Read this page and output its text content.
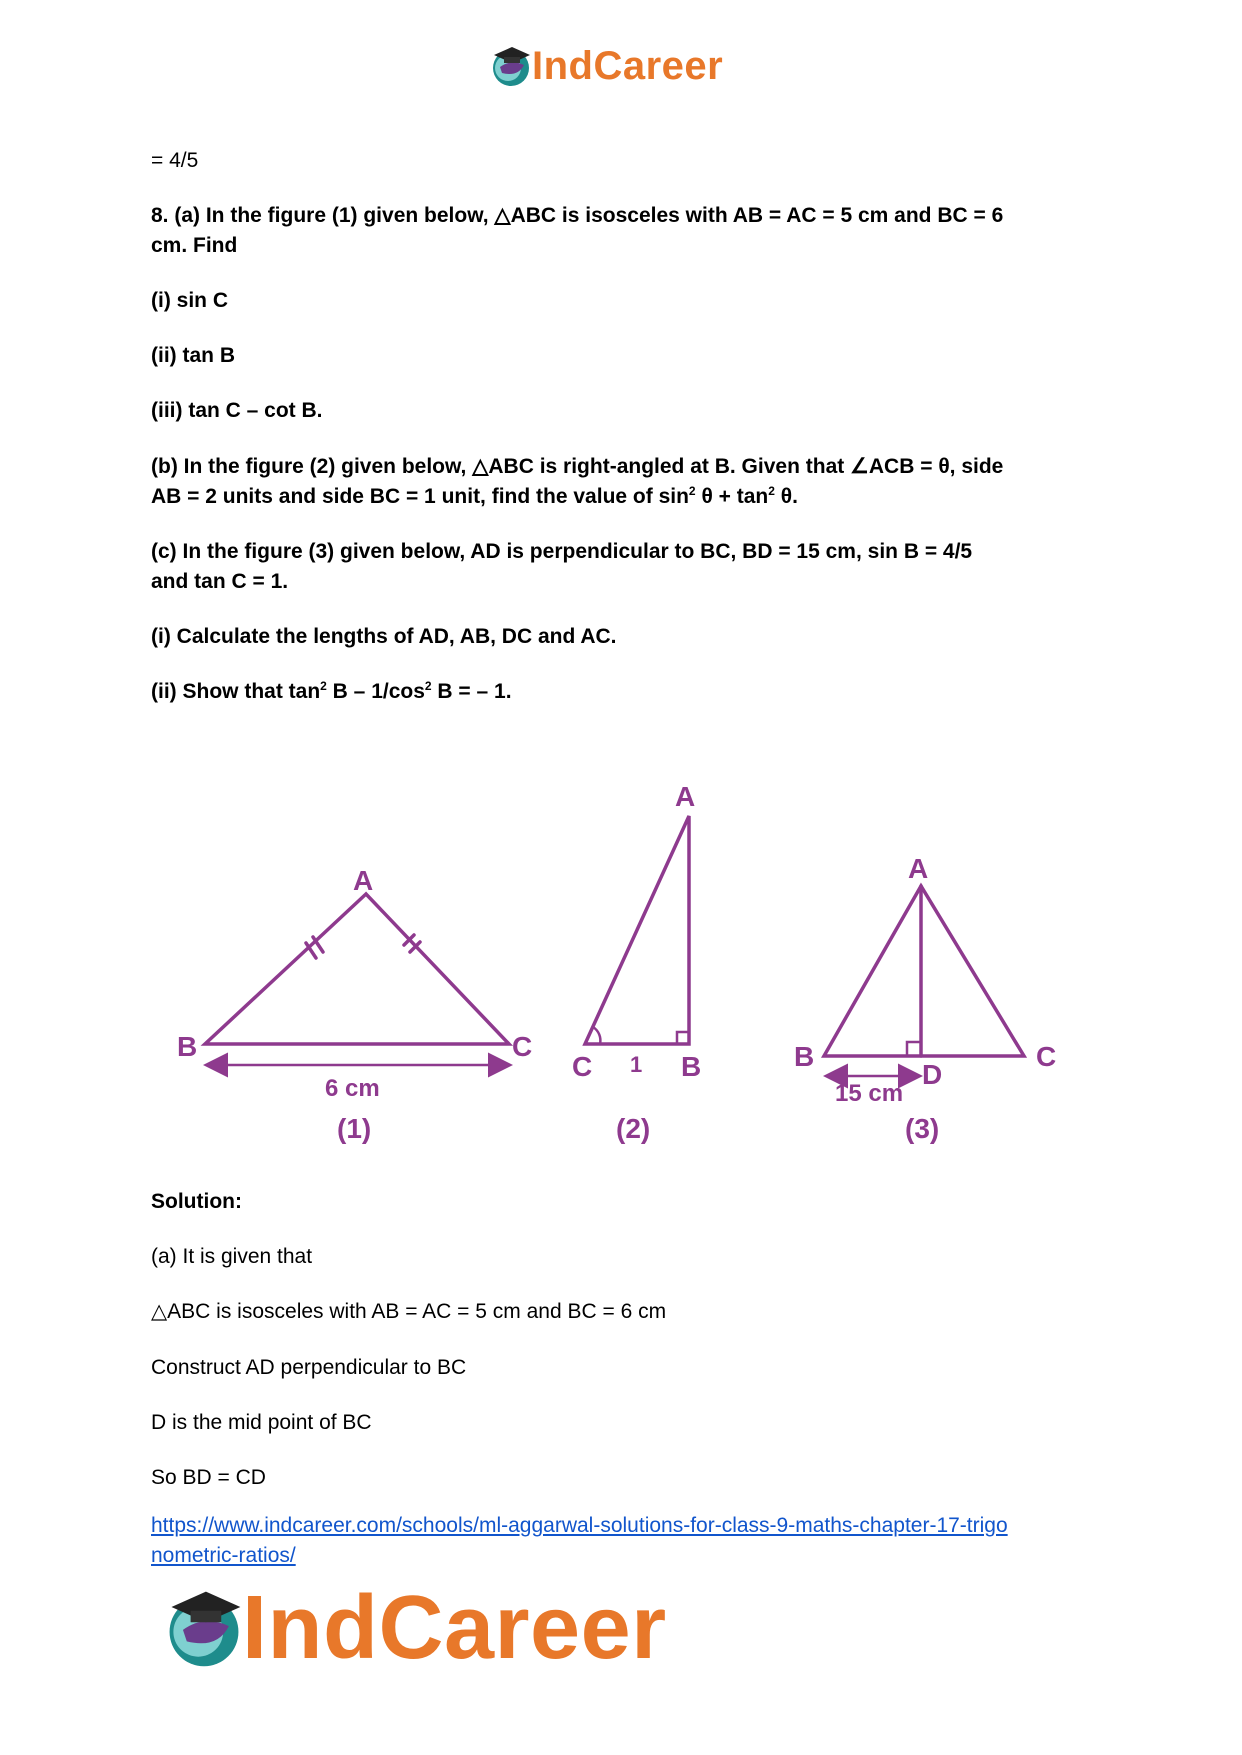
IndCareer
= 4/5
8. (a) In the figure (1) given below, △ABC is isosceles with AB = AC = 5 cm and BC = 6
cm. Find
(i) sin C
(ii) tan B
(iii) tan C – cot B.
(b) In the figure (2) given below, △ABC is right-angled at B. Given that ∠ACB = θ, side
AB = 2 units and side BC = 1 unit, find the value of $\sin^2 \theta + \tan^2 \theta$.
(c) In the figure (3) given below, AD is perpendicular to BC, BD = 15 cm, sin B = 4/5
and tan C = 1.
(i) Calculate the lengths of AD, AB, DC and AC.
(ii) Show that $\tan^2 B - 1/\cos^2$ B = – 1.
A
B	C
6 cm
(1)
A
C	B
1
(2)
A
B	C
D
15 cm
(3)
Solution:
(a) It is given that
△ABC is isosceles with AB = AC = 5 cm and BC = 6 cm
Construct AD perpendicular to BC
D is the mid point of BC
So BD = CD
https://www.indcareer.com/schools/ml-aggarwal-solutions-for-class-9-maths-chapter-17-trigo
nometric-ratios/
IndCareer
